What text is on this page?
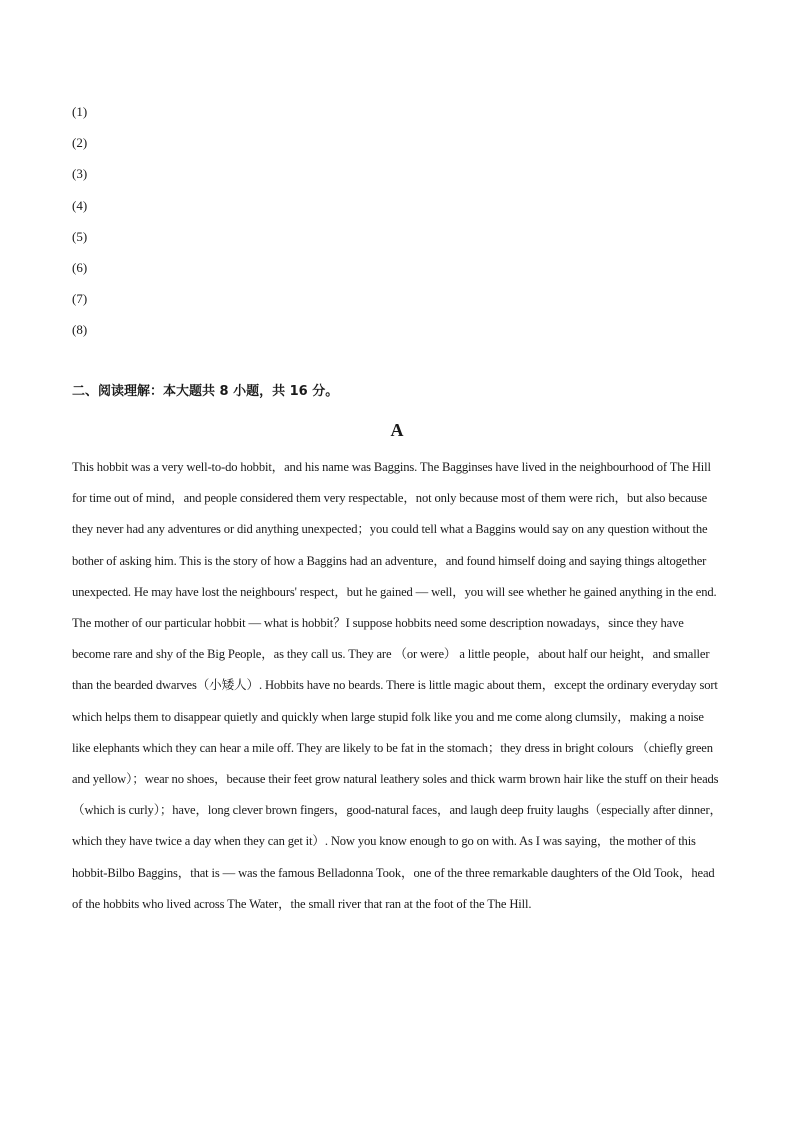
(1)
(2)
(3)
(4)
(5)
(6)
(7)
(8)
二、阅读理解：本大题共 8 小题，共 16 分。
A

This hobbit was a very well-to-do hobbit，and his name was Baggins. The Bagginses have lived in the neighbourhood of The Hill for time out of mind，and people considered them very respectable，not only because most of them were rich，but also because they never had any adventures or did anything unexpected；you could tell what a Baggins would say on any question without the bother of asking him. This is the story of how a Baggins had an adventure，and found himself doing and saying things altogether unexpected. He may have lost the neighbours' respect，but he gained — well，you will see whether he gained anything in the end.

The mother of our particular hobbit — what is hobbit？I suppose hobbits need some description nowadays，since they have become rare and shy of the Big People，as they call us. They are （or were） a little people，about half our height，and smaller than the bearded dwarves（小矮人）. Hobbits have no beards. There is little magic about them，except the ordinary everyday sort which helps them to disappear quietly and quickly when large stupid folk like you and me come along clumsily，making a noise like elephants which they can hear a mile off. They are likely to be fat in the stomach；they dress in bright colours （chiefly green and yellow）；wear no shoes，because their feet grow natural leathery soles and thick warm brown hair like the stuff on their heads（which is curly）；have，long clever brown fingers，good-natural faces，and laugh deep fruity laughs（especially after dinner，which they have twice a day when they can get it）. Now you know enough to go on with. As I was saying，the mother of this hobbit-Bilbo Baggins，that is — was the famous Belladonna Took，one of the three remarkable daughters of the Old Took，head of the hobbits who lived across The Water，the small river that ran at the foot of the The Hill.
